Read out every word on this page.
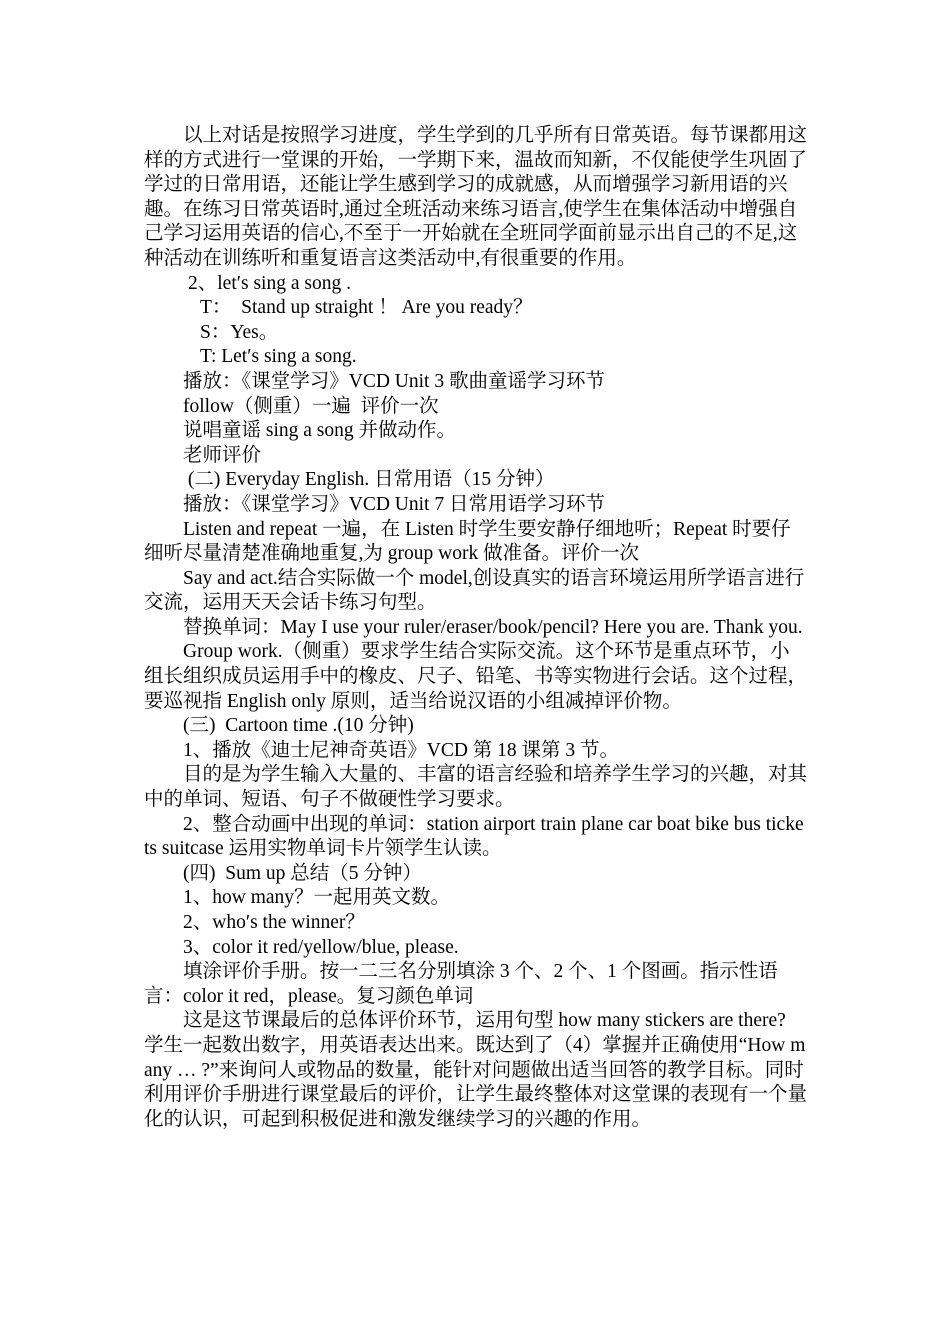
以上对话是按照学习进度，学生学到的几乎所有日常英语。每节课都用这样的方式进行一堂课的开始，一学期下来，温故而知新，不仅能使学生巩固了学过的日常用语，还能让学生感到学习的成就感，从而增强学习新用语的兴趣。在练习日常英语时,通过全班活动来练习语言,使学生在集体活动中增强自己学习运用英语的信心,不至于一开始就在全班同学面前显示出自己的不足,这种活动在训练听和重复语言这类活动中,有很重要的作用。

2、let′s sing a song .

T：  Stand up straight ！ Are you ready？

S：Yes。

T: Let′s sing a song.

播放：《课堂学习》VCD Unit 3 歌曲童谣学习环节

follow（侧重）一遍  评价一次

说唱童谣 sing a song 并做动作。

老师评价

(二) Everyday English. 日常用语（15 分钟）

播放：《课堂学习》VCD Unit 7 日常用语学习环节

Listen and repeat 一遍，在 Listen 时学生要安静仔细地听；Repeat 时要仔细听尽量清楚准确地重复,为 group work 做准备。评价一次

Say and act.结合实际做一个 model,创设真实的语言环境运用所学语言进行交流，运用天天会话卡练习句型。

替换单词：May I use your ruler/eraser/book/pencil? Here you are. Thank you.

Group work.（侧重）要求学生结合实际交流。这个环节是重点环节，小组长组织成员运用手中的橡皮、尺子、铅笔、书等实物进行会话。这个过程，要巡视指 English only 原则，适当给说汉语的小组减掉评价物。

(三)  Cartoon time .(10 分钟)

1、播放《迪士尼神奇英语》VCD 第 18 课第 3 节。

目的是为学生输入大量的、丰富的语言经验和培养学生学习的兴趣，对其中的单词、短语、句子不做硬性学习要求。

2、整合动画中出现的单词：station airport train plane car boat bike bus tickets suitcase 运用实物单词卡片领学生认读。

(四)  Sum up 总结（5 分钟）

1、how many？一起用英文数。

2、who′s the winner？

3、color it red/yellow/blue, please.

填涂评价手册。按一二三名分别填涂 3 个、2 个、1 个图画。指示性语言：color it red，please。复习颜色单词

这是这节课最后的总体评价环节，运用句型 how many stickers are there? 学生一起数出数字，用英语表达出来。既达到了（4）掌握并正确使用“How many … ?”来询问人或物品的数量，能针对问题做出适当回答的教学目标。同时利用评价手册进行课堂最后的评价，让学生最终整体对这堂课的表现有一个量化的认识，可起到积极促进和激发继续学习的兴趣的作用。
